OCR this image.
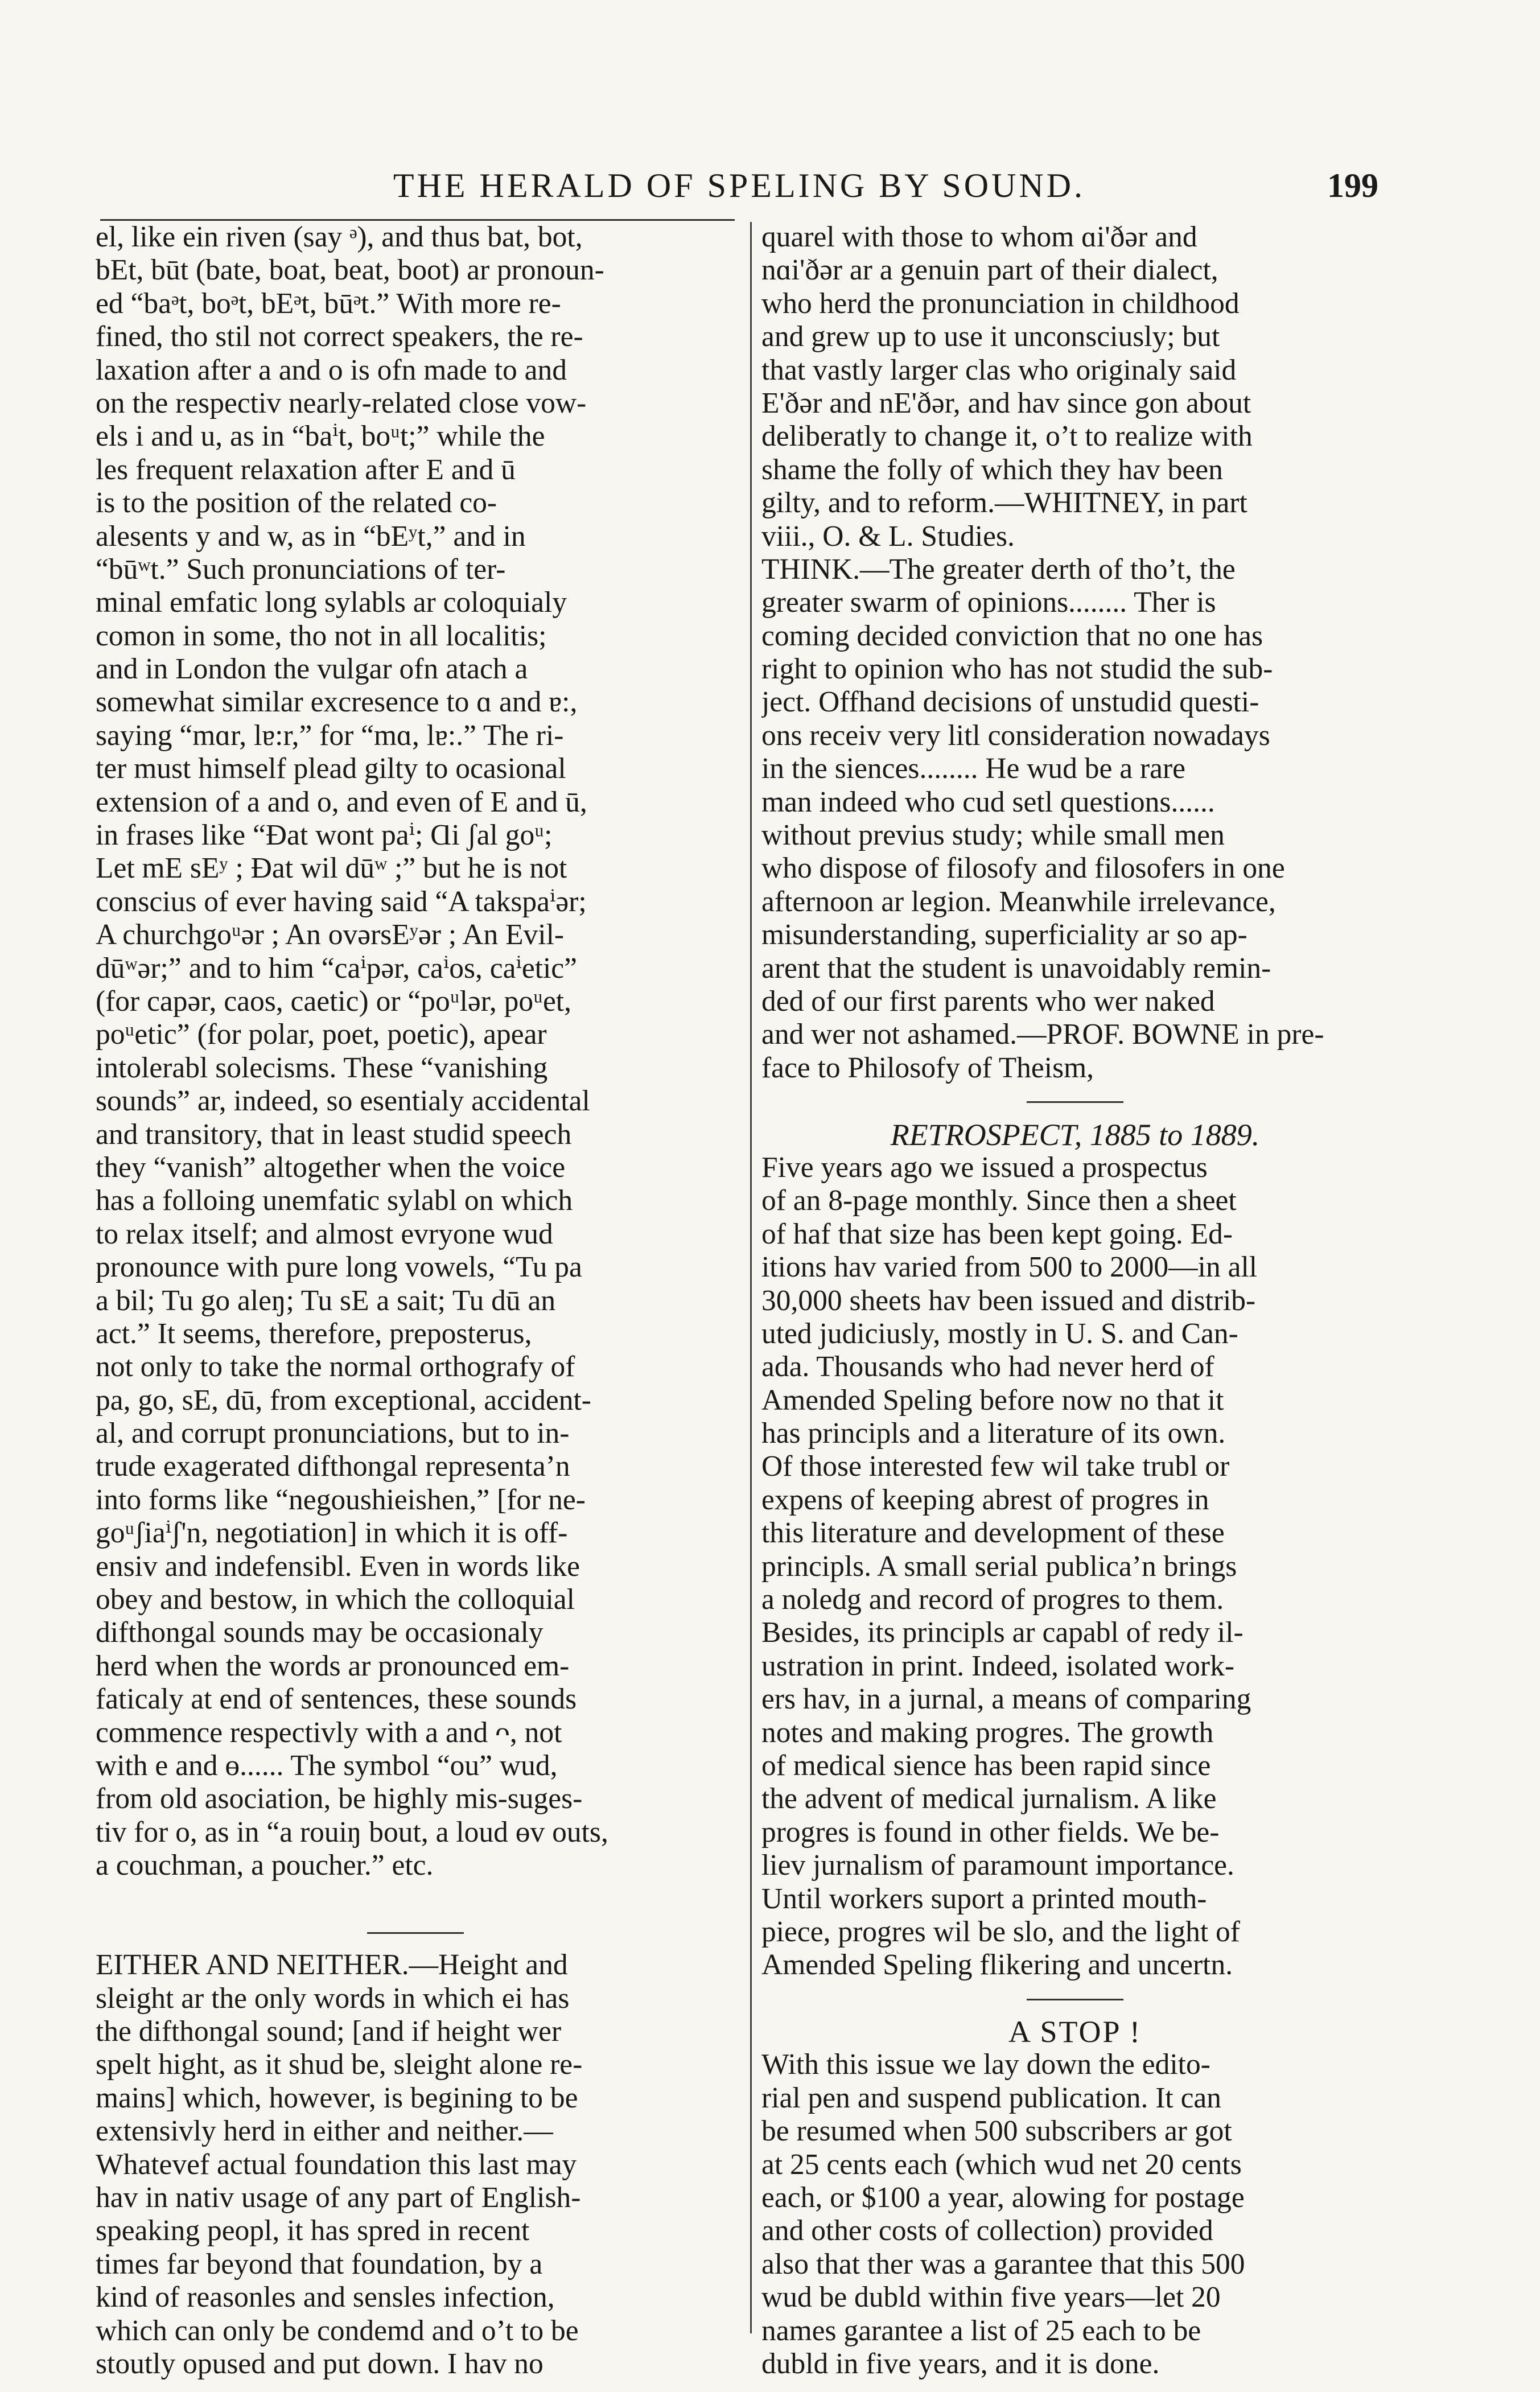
THE HERALD OF SPELING BY SOUND.	199
el, like ein riven (say ᵊ), and thus bat, bot,
bEt, būt (bate, boat, beat, boot) ar pronoun-
ed “baᵊt, boᵊt, bEᵊt, būᵊt.” With more re-
fined, tho stil not correct speakers, the re-
laxation after a and o is ofn made to and
on the respectiv nearly-related close vow-
els i and u, as in “baⁱt, boᵘt;” while the
les frequent relaxation after E and ū
is to the position of the related co-
alesents y and w, as in “bEʸt,” and in
“būʷt.” Such pronunciations of ter-
minal emfatic long sylabls ar coloquialy
comon in some, tho not in all localitis;
and in London the vulgar ofn atach a
somewhat similar excresence to ɑ and ɐ:,
saying “mɑr, lɐ:r,” for “mɑ, lɐ:.” The ri-
ter must himself plead gilty to ocasional
extension of a and o, and even of E and ū,
in frases like “Ðat wont paⁱ; Ɑi ʃal goᵘ;
Let mE sEʸ ; Ðat wil dūʷ ;” but he is not
conscius of ever having said “A takspaⁱər;
A churchgoᵘər ; An ovərsEʸər ; An Evil-
dūʷər;” and to him “caⁱpər, caⁱos, caⁱetic”
(for capər, caos, caetic) or “poᵘlər, poᵘet,
poᵘetic” (for polar, poet, poetic), apear
intolerabl solecisms. These “vanishing
sounds” ar, indeed, so esentialy accidental
and transitory, that in least studid speech
they “vanish” altogether when the voice
has a folloing unemfatic sylabl on which
to relax itself; and almost evryone wud
pronounce with pure long vowels, “Tu pa
a bil; Tu go aleŋ; Tu sE a sait; Tu dū an
act.” It seems, therefore, preposterus,
not only to take the normal orthografy of
pa, go, sE, dū, from exceptional, accident-
al, and corrupt pronunciations, but to in-
trude exagerated difthongal representa’n
into forms like “negoushieishen,” [for ne-
goᵘʃiaⁱʃ'n, negotiation] in which it is off-
ensiv and indefensibl. Even in words like
obey and bestow, in which the colloquial
difthongal sounds may be occasionaly
herd when the words ar pronounced em-
faticaly at end of sentences, these sounds
commence respectivly with a and ᴖ, not
with e and ɵ...... The symbol “ou” wud,
from old asociation, be highly mis-suges-
tiv for o, as in “a rouiŋ bout, a loud ɵv outs,
a couchman, a poucher.” etc.
EITHER AND NEITHER.—Height and
sleight ar the only words in which ei has
the difthongal sound; [and if height wer
spelt hight, as it shud be, sleight alone re-
mains] which, however, is begining to be
extensivly herd in either and neither.—
Whatevef actual foundation this last may
hav in nativ usage of any part of English-
speaking peopl, it has spred in recent
times far beyond that foundation, by a
kind of reasonles and sensles infection,
which can only be condemd and o’t to be
stoutly opused and put down. I hav no
quarel with those to whom ɑi'ðər and
nɑi'ðər ar a genuin part of their dialect,
who herd the pronunciation in childhood
and grew up to use it unconsciusly; but
that vastly larger clas who originaly said
E'ðər and nE'ðər, and hav since gon about
deliberatly to change it, o’t to realize with
shame the folly of which they hav been
gilty, and to reform.—WHITNEY, in part
viii., O. & L. Studies.
THINK.—The greater derth of tho’t, the
greater swarm of opinions........ Ther is
coming decided conviction that no one has
right to opinion who has not studid the sub-
ject. Offhand decisions of unstudid questi-
ons receiv very litl consideration nowadays
in the siences........ He wud be a rare
man indeed who cud setl questions......
without previus study; while small men
who dispose of filosofy and filosofers in one
afternoon ar legion. Meanwhile irrelevance,
misunderstanding, superficiality ar so ap-
arent that the student is unavoidably remin-
ded of our first parents who wer naked
and wer not ashamed.—PROF. BOWNE in pre-
face to Philosofy of Theism,
RETROSPECT, 1885 to 1889.
Five years ago we issued a prospectus
of an 8-page monthly. Since then a sheet
of haf that size has been kept going. Ed-
itions hav varied from 500 to 2000—in all
30,000 sheets hav been issued and distrib-
uted judiciusly, mostly in U. S. and Can-
ada. Thousands who had never herd of
Amended Speling before now no that it
has principls and a literature of its own.
Of those interested few wil take trubl or
expens of keeping abrest of progres in
this literature and development of these
principls. A small serial publica’n brings
a noledg and record of progres to them.
Besides, its principls ar capabl of redy il-
ustration in print. Indeed, isolated work-
ers hav, in a jurnal, a means of comparing
notes and making progres. The growth
of medical sience has been rapid since
the advent of medical jurnalism. A like
progres is found in other fields. We be-
liev jurnalism of paramount importance.
Until workers suport a printed mouth-
piece, progres wil be slo, and the light of
Amended Speling flikering and uncertn.
A STOP !
With this issue we lay down the edito-
rial pen and suspend publication. It can
be resumed when 500 subscribers ar got
at 25 cents each (which wud net 20 cents
each, or $100 a year, alowing for postage
and other costs of collection) provided
also that ther was a garantee that this 500
wud be dubld within five years—let 20
names garantee a list of 25 each to be
dubld in five years, and it is done.
